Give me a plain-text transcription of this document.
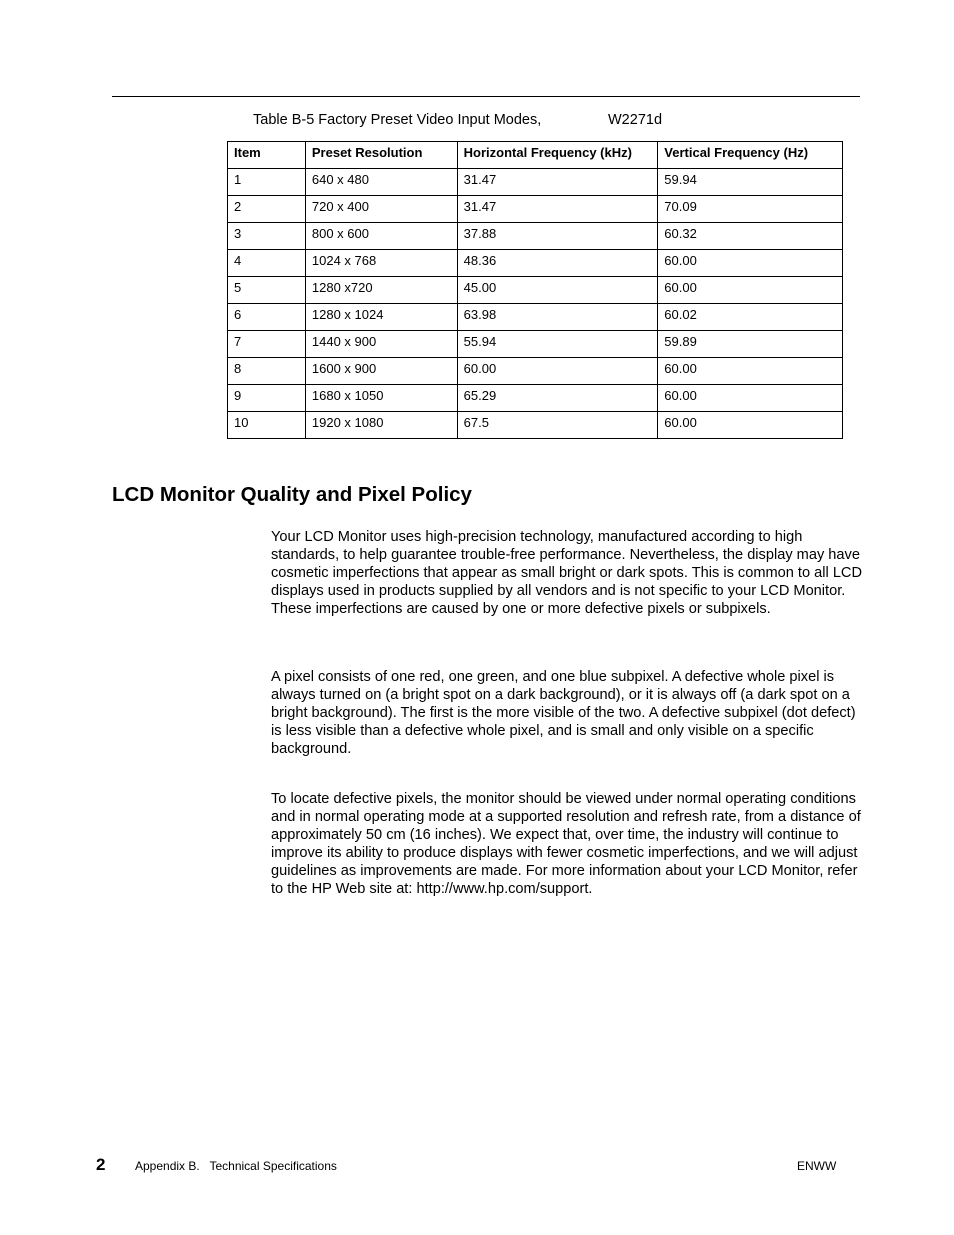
Table B-5 Factory Preset Video Input Modes,	W2271d
Item	Preset Resolution	Horizontal Frequency (kHz)	Vertical Frequency (Hz)
1	640 x 480	31.47	59.94
2	720 x 400	31.47	70.09
3	800 x 600	37.88	60.32
4	1024 x 768	48.36	60.00
5	1280 x720	45.00	60.00
6	1280 x 1024	63.98	60.02
7	1440 x 900	55.94	59.89
8	1600 x 900	60.00	60.00
9	1680 x 1050	65.29	60.00
10	1920 x 1080	67.5	60.00
LCD Monitor Quality and Pixel Policy

Your LCD Monitor uses high-precision technology, manufactured according to high standards, to help guarantee trouble-free performance. Nevertheless, the display may have cosmetic imperfections that appear as small bright or dark spots. This is common to all LCD displays used in products supplied by all vendors and is not specific to your LCD Monitor. These imperfections are caused by one or more defective pixels or subpixels.

A pixel consists of one red, one green, and one blue subpixel. A defective whole pixel is always turned on (a bright spot on a dark background), or it is always off (a dark spot on a bright background). The first is the more visible of the two. A defective subpixel (dot defect) is less visible than a defective whole pixel, and is small and only visible on a specific background.

To locate defective pixels, the monitor should be viewed under normal operating conditions and in normal operating mode at a supported resolution and refresh rate, from a distance of approximately 50 cm (16 inches). We expect that, over time, the industry will continue to improve its ability to produce displays with fewer cosmetic imperfections, and we will adjust guidelines as improvements are made. For more information about your LCD Monitor, refer to the HP Web site at: http://www.hp.com/support.

2 Appendix B.   Technical Specifications	ENWW
